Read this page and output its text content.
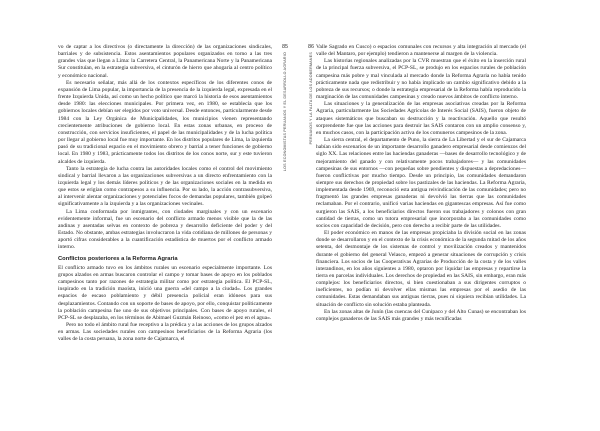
vo de captar a los directivos (o directamente la dirección) de las organizaciones sindicales, barriales y de subsistencia. Estos asentamientos populares organizados en torno a las tres grandes vías que llegan a Lima: la Carretera Central, la Panamericana Norte y la Panamericana Sur constituían, en la estrategia subversiva, el cinturón de hierro que ahogaría al centro político y económico nacional.

Es necesario señalar, más allá de los contextos específicos de los diferentes conos de expansión de Lima popular, la importancia de la presencia de la izquierda legal, expresada en el frente Izquierda Unida, así como un hecho político que marcó la historia de esos asentamientos desde 1980: las elecciones municipales. Por primera vez, en 1980, se establecía que los gobiernos locales debían ser elegidos por voto universal. Desde entonces, particularmente desde 1984 con la Ley Orgánica de Municipalidades, los municipios vienen representando crecientemente atribuciones de gobierno local. En estas zonas urbanas, en proceso de construcción, con servicios insuficientes, el papel de las municipalidades y de la lucha política por llegar al gobierno local fue muy importante. En los distritos populares de Lima, la izquierda pasó de su tradicional espacio en el movimiento obrero y barrial a tener funciones de gobierno local. En 1980 y 1983, prácticamente todos los distritos de los conos norte, sur y este tuvieron alcaldes de izquierda.

Tanto la estrategia de lucha contra las autoridades locales como el control del movimiento sindical y barrial llevaron a las organizaciones subversivas a un directo enfrentamiento con la izquierda legal y los demás líderes políticos y de las organizaciones sociales en la medida en que estos se erigían como contrapesos a su influencia. Por su lado, la acción contrasubversiva, al intervenir alentar organizaciones y potenciales focos de demandas populares, también golpeó significativamente a la izquierda y a las organizaciones vecinales.

La Lima conformada por inmigrantes, con ciudades marginales y con un escenario evidentemente informal, fue un escenario del conflicto armado menos visible que la de las andinas y asentadas selvas en contexto de pobreza y desarrollo deficiente del poder y del Estado. No obstante, ambas estrategias involucraron la vida cotidiana de millones de personas y aportó cifras considerables a la cuantificación estadística de muertos por el conflicto armado interno.

Conflictos posteriores a la Reforma Agraria

El conflicto armado tuvo en los ámbitos rurales un escenario especialmente importante. Los grupos alzados en armas buscaron controlar el campo y tomar bases de apoyo en los poblados campesinos tanto por razones de estrategia militar como por estrategia política. El PCP-SL, inspirado en la tradición maoísta, inició una guerra «del campo a la ciudad». Los grandes espacios de escaso poblamiento y débil presencia policial eran idóneos para sus desplazamientos. Contando con un soporte de bases de apoyo, por ello, conquistar políticamente la población campesina fue uno de sus objetivos principales. Con bases de apoyo rurales, el PCP-SL se desplazaba, en los términos de Abimael Guzmán Reinoso, «como el pez en el agua».

Pero no todo el ámbito rural fue receptivo a la prédica y a las acciones de los grupos alzados en armas. Las sociedades rurales con campesinos beneficiarios de la Reforma Agraria (los valles de la costa peruana, la zona norte de Cajamarca, el

85
LOS ECONOMISTAS PERUANOS Y EL DESARROLLO AGRARIO
86
PERUANOS Y LA FALTA DE LOS ADOBERMANES

Valle Sagrado en Cusco) o espacios comunales con recursos y alta integración al mercado (el valle del Mantaro, por ejemplo) tendieron a mantenerse al margen de la violencia.

Las historias regionales analizadas por la CVR muestran que el éxito en la inserción rural de la principal fuerza subversiva, el PCP-SL, se produjo en los espacios rurales de población campesina más pobre y mal vinculada al mercado donde la Reforma Agraria no había tenido prácticamente nada que redistribuir y no había implicado un cambio significativo debido a la pobreza de sus recursos; o donde la estrategia empresarial de la Reforma había reproducido la marginación de las comunidades campesinas y creado nuevos ámbitos de conflicto interno.

Las situaciones y la generalización de las empresas asociativas creadas por la Reforma Agraria, particularmente las Sociedades Agrícolas de Interés Social (SAIS), fueron objeto de ataques sistemáticos que buscaban su destrucción y la reactivación. Aquello que resultó sorprendente fue que las acciones para destruir las SAIS contaron con un amplio consenso y, en muchos casos, con la participación activa de los comuneros campesinos de la zona.

La sierra central, el departamento de Puno, la sierra de La Libertad y el sur de Cajamarca habían sido escenarios de un importante desarrollo ganadero empresarial desde comienzos del siglo XX. Las relaciones entre las haciendas ganaderas —bases de desarrollo tecnológico y de mejoramiento del ganado y con relativamente pocos trabajadores— y las comunidades campesinas de sus entornos —con pequeñas sobre pendientes y dispuestas a depredaciones— fueron conflictivas por mucho tiempo. Desde un principio, las comunidades demandaron siempre sus derechos de propiedad sobre los pastizales de las haciendas. La Reforma Agraria, implementada desde 1969, reconoció esta antigua reivindicación de las comunidades; pero no fragmentó las grandes empresas ganaderas ni devolvió las tierras que las comunidades reclamaban. Por el contrario, unificó varias haciendas en gigantescas empresas. Así fue como surgieron las SAIS, a los beneficiarios directos fueron sus trabajadores y colonos con gran cantidad de tierras, como un tutora empresarial que incorporaba a las comunidades como socios con capacidad de decisión, pero con derecho a recibir parte de las utilidades.

El poder económico en manos de las empresas propiciaba la división social en las zonas donde se desarrollaron y en el contexto de la crisis económica de la segunda mitad de los años setenta, del desmontaje de los sistemas de control y movilización creados y mantenidos durante el gobierno del general Velasco, empezó a generar situaciones de corrupción y crisis financiera. Los socios de las Cooperativas Agrarias de Producción de la costa y de los valles interandinos, en los años siguientes a 1980, optaron por liquidar las empresas y repartirse la tierra en parcelas individuales. Los derechos de propiedad en las SAIS, sin embargo, eran más complejos: los beneficiarios directos, si bien cuestionaban a sus dirigentes corruptos o ineficientes, no podían ni devolver ellas mismas las empresas por el asedio de las comunidades. Estas demandaban sus antiguas tierras, pues ni siquiera recibían utilidades. La situación de conflicto sin solución estaba planteada.

En las zonas altas de Junín (las cuencas del Cunipaco y del Alto Cunas) se encontraban los complejos ganaderos de las SAIS más grandes y más tecnificadas
